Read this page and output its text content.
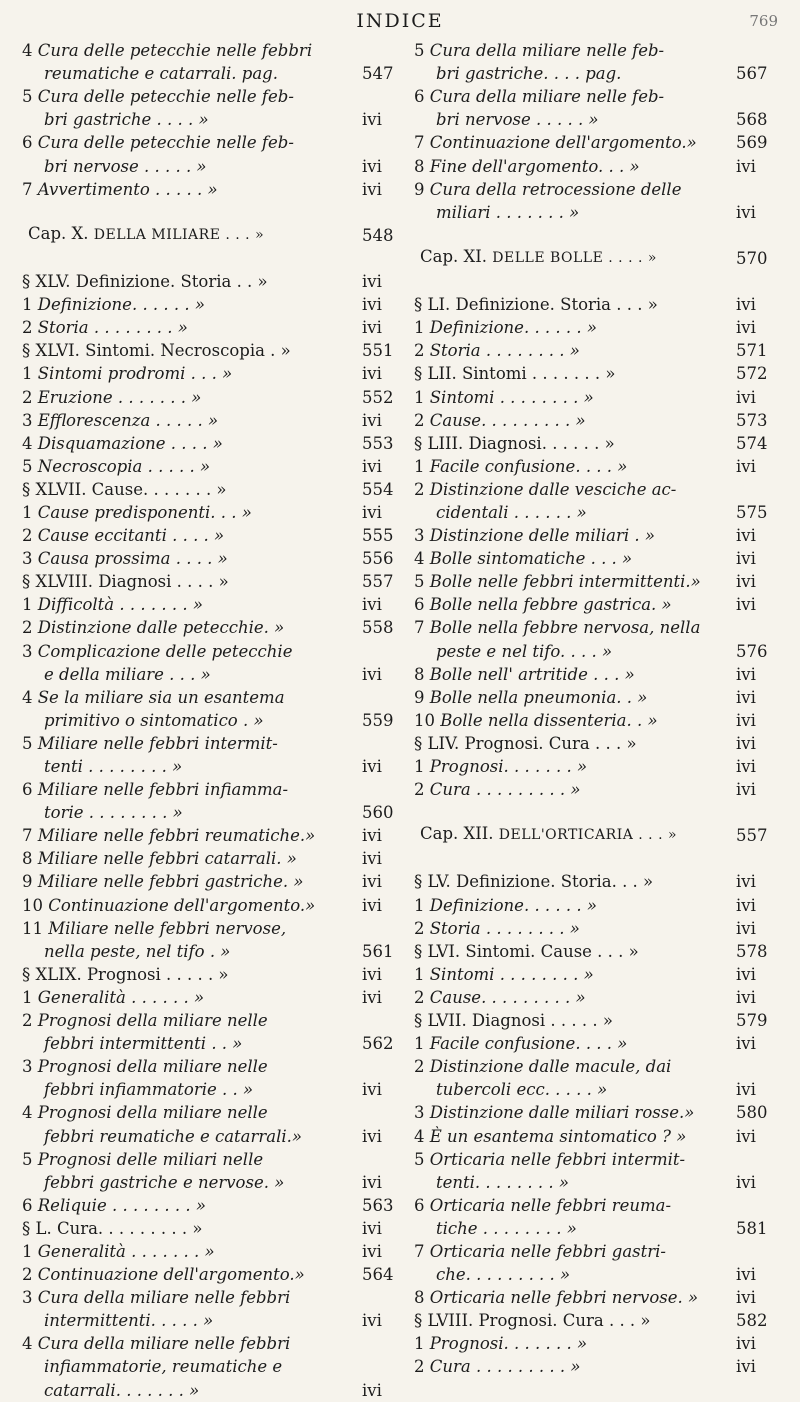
INDICE	769
4 Cura delle petecchie nelle febbri
reumatiche e catarrali. pag.	547
5 Cura delle petecchie nelle feb-
bri gastriche . . . . »	ivi
6 Cura delle petecchie nelle feb-
bri nervose . . . . . »	ivi
7 Avvertimento . . . . . »	ivi
Cap. X. DELLA MILIARE . . . »	548
§ XLV. Definizione. Storia . . »	ivi
1 Definizione. . . . . . »	ivi
2 Storia . . . . . . . . »	ivi
§ XLVI. Sintomi. Necroscopia . »	551
1 Sintomi prodromi . . . »	ivi
2 Eruzione . . . . . . . »	552
3 Efflorescenza . . . . . »	ivi
4 Disquamazione . . . . »	553
5 Necroscopia . . . . . »	ivi
§ XLVII. Cause. . . . . . . »	554
1 Cause predisponenti. . . »	ivi
2 Cause eccitanti . . . . »	555
3 Causa prossima . . . . »	556
§ XLVIII. Diagnosi . . . . »	557
1 Difficoltà . . . . . . . »	ivi
2 Distinzione dalle petecchie. »	558
3 Complicazione delle petecchie
e della miliare . . . »	ivi
4 Se la miliare sia un esantema
primitivo o sintomatico . »	559
5 Miliare nelle febbri intermit-
tenti . . . . . . . . »	ivi
6 Miliare nelle febbri infiamma-
torie . . . . . . . . »	560
7 Miliare nelle febbri reumatiche.»	ivi
8 Miliare nelle febbri catarrali. »	ivi
9 Miliare nelle febbri gastriche. »	ivi
10 Continuazione dell'argomento.»	ivi
11 Miliare nelle febbri nervose,
nella peste, nel tifo . »	561
§ XLIX. Prognosi . . . . . »	ivi
1 Generalità . . . . . . »	ivi
2 Prognosi della miliare nelle
febbri intermittenti . . »	562
3 Prognosi della miliare nelle
febbri infiammatorie . . »	ivi
4 Prognosi della miliare nelle
febbri reumatiche e catarrali.»	ivi
5 Prognosi delle miliari nelle
febbri gastriche e nervose. »	ivi
6 Reliquie . . . . . . . . »	563
§ L. Cura. . . . . . . . . »	ivi
1 Generalità . . . . . . . »	ivi
2 Continuazione dell'argomento.»	564
3 Cura della miliare nelle febbri
intermittenti. . . . . »	ivi
4 Cura della miliare nelle febbri
infiammatorie, reumatiche e
catarrali. . . . . . . »	ivi
5 Cura della miliare nelle feb-
bri gastriche. . . . pag.	567
6 Cura della miliare nelle feb-
bri nervose . . . . . »	568
7 Continuazione dell'argomento.»	569
8 Fine dell'argomento. . . »	ivi
9 Cura della retrocessione delle
miliari . . . . . . . »	ivi
Cap. XI. DELLE BOLLE . . . . »	570
§ LI. Definizione. Storia . . . »	ivi
1 Definizione. . . . . . »	ivi
2 Storia . . . . . . . . »	571
§ LII. Sintomi . . . . . . . »	572
1 Sintomi . . . . . . . . »	ivi
2 Cause. . . . . . . . . »	573
§ LIII. Diagnosi. . . . . . »	574
1 Facile confusione. . . . »	ivi
2 Distinzione dalle vesciche ac-
cidentali . . . . . . »	575
3 Distinzione delle miliari . »	ivi
4 Bolle sintomatiche . . . »	ivi
5 Bolle nelle febbri intermittenti.»	ivi
6 Bolle nella febbre gastrica. »	ivi
7 Bolle nella febbre nervosa, nella
peste e nel tifo. . . . »	576
8 Bolle nell' artritide . . . »	ivi
9 Bolle nella pneumonia. . »	ivi
10 Bolle nella dissenteria. . »	ivi
§ LIV. Prognosi. Cura . . . »	ivi
1 Prognosi. . . . . . . »	ivi
2 Cura . . . . . . . . . »	ivi
Cap. XII. DELL'ORTICARIA . . . »	557
§ LV. Definizione. Storia. . . »	ivi
1 Definizione. . . . . . »	ivi
2 Storia . . . . . . . . »	ivi
§ LVI. Sintomi. Cause . . . »	578
1 Sintomi . . . . . . . . »	ivi
2 Cause. . . . . . . . . »	ivi
§ LVII. Diagnosi . . . . . »	579
1 Facile confusione. . . . »	ivi
2 Distinzione dalle macule, dai
tubercoli ecc. . . . . »	ivi
3 Distinzione dalle miliari rosse.»	580
4 È un esantema sintomatico ? »	ivi
5 Orticaria nelle febbri intermit-
tenti. . . . . . . . »	ivi
6 Orticaria nelle febbri reuma-
tiche . . . . . . . . »	581
7 Orticaria nelle febbri gastri-
che. . . . . . . . . »	ivi
8 Orticaria nelle febbri nervose. »	ivi
§ LVIII. Prognosi. Cura . . . »	582
1 Prognosi. . . . . . . »	ivi
2 Cura . . . . . . . . . »	ivi
